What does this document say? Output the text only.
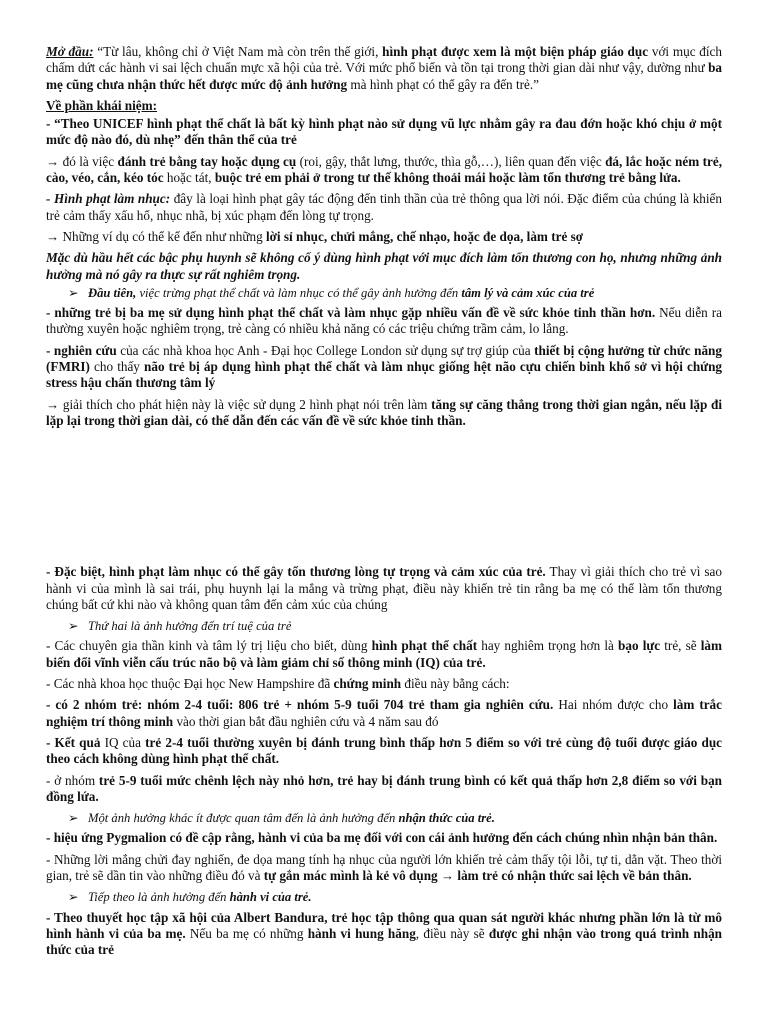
Mở đầu: “Từ lâu, không chỉ ở Việt Nam mà còn trên thế giới, hình phạt được xem là một biện pháp giáo dục với mục đích chấm dứt các hành vi sai lệch chuẩn mực xã hội của trẻ. Với mức phổ biến và tồn tại trong thời gian dài như vậy, dường như ba mẹ cũng chưa nhận thức hết được mức độ ảnh hưởng mà hình phạt có thể gây ra đến trẻ.”

Về phần khái niệm:

- “Theo UNICEF hình phạt thể chất là bất kỳ hình phạt nào sử dụng vũ lực nhằm gây ra đau đớn hoặc khó chịu ở một mức độ nào đó, dù nhẹ” đến thân thể của trẻ

→ đó là việc đánh trẻ bằng tay hoặc dụng cụ (roi, gậy, thắt lưng, thước, thìa gỗ,…), liên quan đến việc đá, lắc hoặc ném trẻ, cào, véo, cắn, kéo tóc hoặc tát, buộc trẻ em phải ở trong tư thế không thoải mái hoặc làm tổn thương trẻ bằng lửa.

- Hình phạt làm nhục: đây là loại hình phạt gây tác động đến tinh thần của trẻ thông qua lời nói. Đặc điểm của chúng là khiến trẻ cảm thấy xấu hổ, nhục nhã, bị xúc phạm đến lòng tự trọng.

→ Những ví dụ có thể kể đến như những lời sỉ nhục, chửi mắng, chế nhạo, hoặc đe dọa, làm trẻ sợ

Mặc dù hầu hết các bậc phụ huynh sẽ không cố ý dùng hình phạt với mục đích làm tổn thương con họ, nhưng những ảnh hưởng mà nó gây ra thực sự rất nghiêm trọng.

➢ Đầu tiên, việc trừng phạt thể chất và làm nhục có thể gây ảnh hưởng đến tâm lý và cảm xúc của trẻ

- những trẻ bị ba mẹ sử dụng hình phạt thể chất và làm nhục gặp nhiều vấn đề về sức khỏe tinh thần hơn. Nếu diễn ra thường xuyên hoặc nghiêm trọng, trẻ càng có nhiều khả năng có các triệu chứng trầm cảm, lo lắng.

- nghiên cứu của các nhà khoa học Anh - Đại học College London sử dụng sự trợ giúp của thiết bị cộng hưởng từ chức năng (FMRI) cho thấy não trẻ bị áp dụng hình phạt thể chất và làm nhục giống hệt não cựu chiến binh khổ sở vì hội chứng stress hậu chấn thương tâm lý

→ giải thích cho phát hiện này là việc sử dụng 2 hình phạt nói trên làm tăng sự căng thẳng trong thời gian ngắn, nếu lặp đi lặp lại trong thời gian dài, có thể dẫn đến các vấn đề về sức khỏe tinh thần.

- Đặc biệt, hình phạt làm nhục có thể gây tổn thương lòng tự trọng và cảm xúc của trẻ. Thay vì giải thích cho trẻ vì sao hành vi của mình là sai trái, phụ huynh lại la mắng và trừng phạt, điều này khiến trẻ tin rằng ba mẹ có thể làm tổn thương chúng bất cứ khi nào và không quan tâm đến cảm xúc của chúng

➢ Thứ hai là ảnh hưởng đến trí tuệ của trẻ

- Các chuyên gia thần kinh và tâm lý trị liệu cho biết, dùng hình phạt thể chất hay nghiêm trọng hơn là bạo lực trẻ, sẽ làm biến đổi vĩnh viễn cấu trúc não bộ và làm giảm chỉ số thông minh (IQ) của trẻ.

- Các nhà khoa học thuộc Đại học New Hampshire đã chứng minh điều này bằng cách:

- có 2 nhóm trẻ: nhóm 2-4 tuổi: 806 trẻ + nhóm 5-9 tuổi 704 trẻ tham gia nghiên cứu. Hai nhóm được cho làm trắc nghiệm trí thông minh vào thời gian bắt đầu nghiên cứu và 4 năm sau đó

- Kết quả IQ của trẻ 2-4 tuổi thường xuyên bị đánh trung bình thấp hơn 5 điểm so với trẻ cùng độ tuổi được giáo dục theo cách không dùng hình phạt thể chất.

- ở nhóm trẻ 5-9 tuổi mức chênh lệch này nhỏ hơn, trẻ hay bị đánh trung bình có kết quả thấp hơn 2,8 điểm so với bạn đồng lứa.

➢ Một ảnh hưởng khác ít được quan tâm đến là ảnh hưởng đến nhận thức của trẻ.

- hiệu ứng Pygmalion có đề cập rằng, hành vi của ba mẹ đối với con cái ảnh hưởng đến cách chúng nhìn nhận bản thân.

- Những lời mắng chửi đay nghiến, đe dọa mang tính hạ nhục của người lớn khiến trẻ cảm thấy tội lỗi, tự ti, dằn vặt. Theo thời gian, trẻ sẽ dần tin vào những điều đó và tự gắn mác mình là kẻ vô dụng → làm trẻ có nhận thức sai lệch về bản thân.

➢ Tiếp theo là ảnh hưởng đến hành vi của trẻ.

- Theo thuyết học tập xã hội của Albert Bandura, trẻ học tập thông qua quan sát người khác nhưng phần lớn là từ mô hình hành vi của ba mẹ. Nếu ba mẹ có những hành vi hung hăng, điều này sẽ được ghi nhận vào trong quá trình nhận thức của trẻ
